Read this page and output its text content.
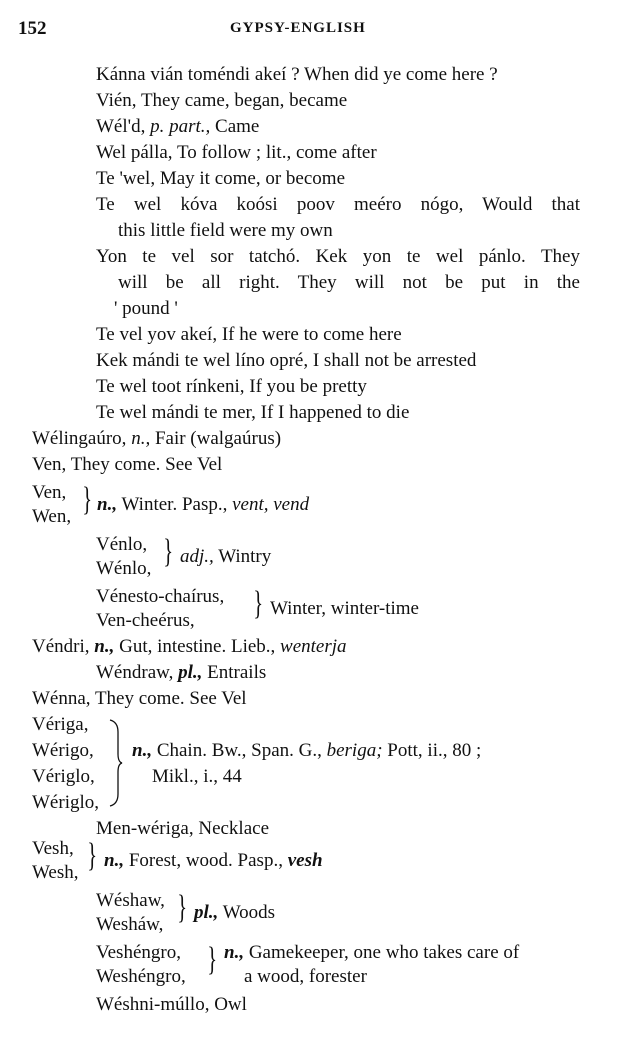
152	GYPSY-ENGLISH
Kánna vián toméndi akeí ? When did ye come here ?
Vién, They came, began, became
Wél'd, p. part., Came
Wel pálla, To follow ; lit., come after
Te 'wel, May it come, or become
Te wel kóva koósi poov meéro nógo, Would that
this little field were my own
Yon te vel sor tatchó. Kek yon te wel pánlo. They
will be all right. They will not be put in the
' pound '
Te vel yov akeí, If he were to come here
Kek mándi te wel líno opré, I shall not be arrested
Te wel toot rínkeni, If you be pretty
Te wel mándi te mer, If I happened to die
Wélingaúro, n., Fair (walgaúrus)
Ven, They come. See Vel
Ven,
Wen, } n., Winter. Pasp., vent, vend
Vénlo,
Wénlo, } adj., Wintry
Vénesto-chaírus,
Ven-cheérus, } Winter, winter-time
Véndri, n., Gut, intestine. Lieb., wenterja
Wéndraw, pl., Entrails
Wénna, They come. See Vel
Vériga,
Wérigo,
Vériglo,
Wériglo,
n., Chain. Bw., Span. G., beriga; Pott, ii., 80 ;
Mikl., i., 44
Men-wériga, Necklace
Vesh,
Wesh, } n., Forest, wood. Pasp., vesh
Wéshaw,
Wesháw, } pl., Woods
Veshéngro,
Weshéngro, } n., Gamekeeper, one who takes care of
a wood, forester
Wéshni-múllo, Owl
